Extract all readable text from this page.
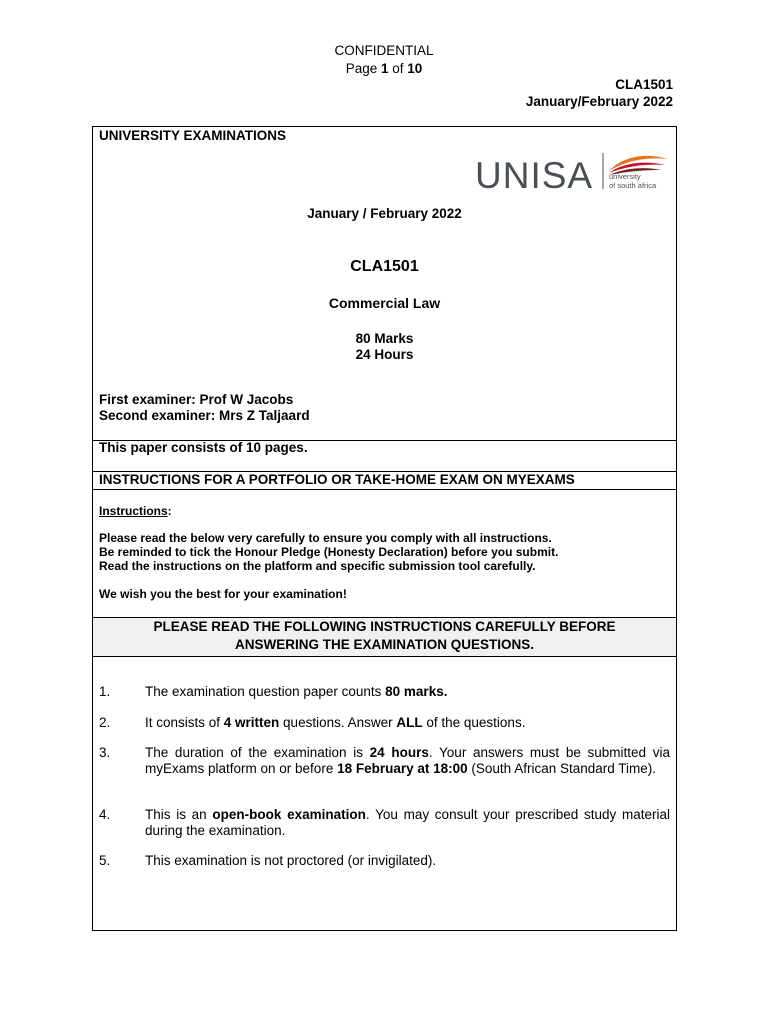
CONFIDENTIAL
Page 1 of 10
CLA1501
January/February 2022
UNIVERSITY EXAMINATIONS
UNISA university
of south africa
January / February 2022
CLA1501
Commercial Law
80 Marks
24 Hours
First examiner: Prof W Jacobs
Second examiner: Mrs Z Taljaard
This paper consists of 10 pages.
INSTRUCTIONS FOR A PORTFOLIO OR TAKE-HOME EXAM ON MYEXAMS
Instructions:
Please read the below very carefully to ensure you comply with all instructions.
Be reminded to tick the Honour Pledge (Honesty Declaration) before you submit.
Read the instructions on the platform and specific submission tool carefully.
We wish you the best for your examination!
PLEASE READ THE FOLLOWING INSTRUCTIONS CAREFULLY BEFORE
ANSWERING THE EXAMINATION QUESTIONS.
1.	The examination question paper counts 80 marks.
2.	It consists of 4 written questions. Answer ALL of the questions.
3.	The duration of the examination is 24 hours. Your answers must be submitted via myExams platform on or before 18 February at 18:00 (South African Standard Time).
4.	This is an open-book examination. You may consult your prescribed study material during the examination.
5.	This examination is not proctored (or invigilated).
